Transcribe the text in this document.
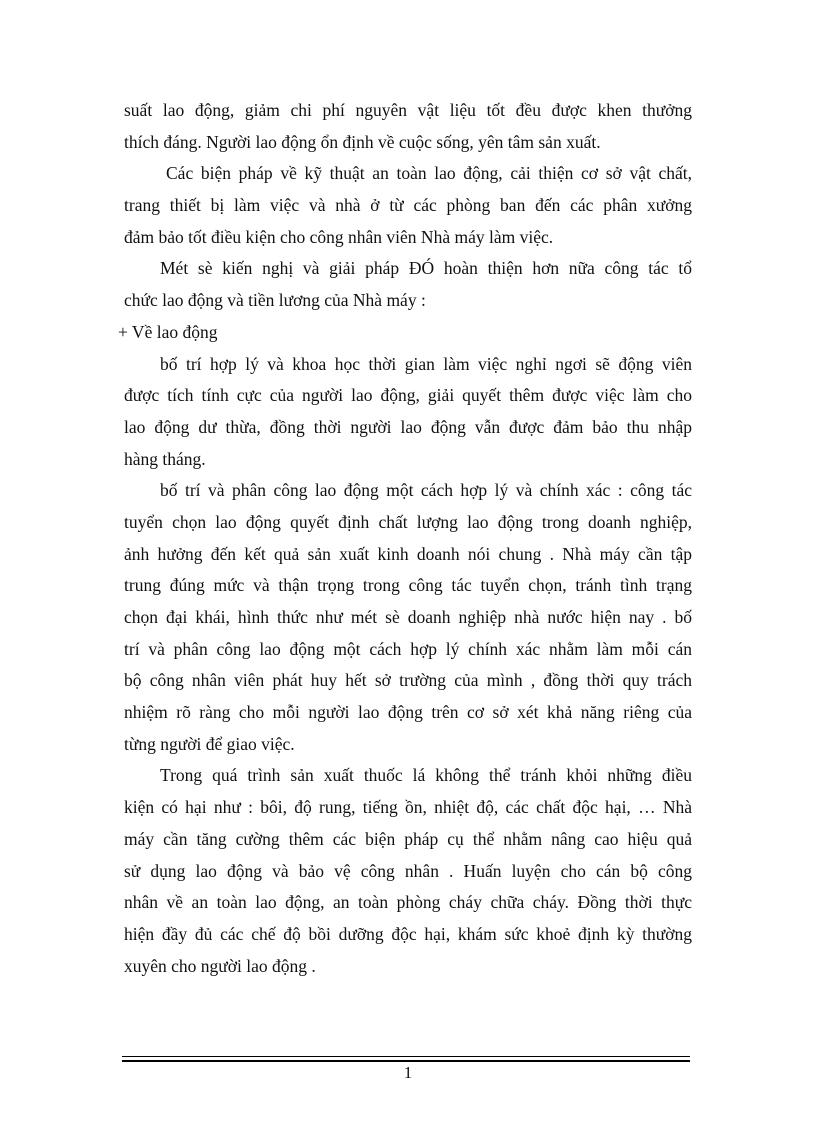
suất lao động, giảm chi phí nguyên vật liệu tốt đều được khen thưởng
thích đáng. Người lao động ổn định về cuộc sống, yên tâm sản xuất.
Các biện pháp về kỹ thuật an toàn lao động, cải thiện cơ sở vật chất,
trang thiết bị làm việc và nhà ở từ các phòng ban đến các phân xưởng
đảm bảo tốt điều kiện cho công nhân viên Nhà máy làm việc.
Mét sè kiến nghị và giải pháp ĐÓ hoàn thiện hơn nữa công tác tổ
chức lao động và tiền lương của Nhà máy :
+ Về lao động
bố trí hợp lý và khoa học thời gian làm việc nghỉ ngơi sẽ động viên
được tích tính cực của người lao động, giải quyết thêm được việc làm cho
lao động dư thừa, đồng thời người lao động vẫn được đảm bảo thu nhập
hàng tháng.
bố trí và phân công lao động một cách hợp lý và chính xác : công tác
tuyển chọn lao động quyết định chất lượng lao động trong doanh nghiệp,
ảnh hưởng đến kết quả sản xuất kinh doanh nói chung . Nhà máy cần tập
trung đúng mức và thận trọng trong công tác tuyển chọn, tránh tình trạng
chọn đại khái, hình thức như mét sè doanh nghiệp nhà nước hiện nay . bố
trí và phân công lao động một cách hợp lý chính xác nhằm làm mỗi cán
bộ công nhân viên phát huy hết sở trường của mình , đồng thời quy trách
nhiệm rõ ràng cho mỗi người lao động trên cơ sở xét khả năng riêng của
từng người để giao việc.
Trong quá trình sản xuất thuốc lá không thể tránh khỏi những điều
kiện có hại như : bôi, độ rung, tiếng ồn, nhiệt độ, các chất độc hại, … Nhà
máy cần tăng cường thêm các biện pháp cụ thể nhằm nâng cao hiệu quả
sử dụng lao động và bảo vệ công nhân . Huấn luyện cho cán bộ công
nhân về an toàn lao động, an toàn phòng cháy chữa cháy. Đồng thời thực
hiện đầy đủ các chế độ bồi dưỡng độc hại, khám sức khoẻ định kỳ thường
xuyên cho người lao động .
1
